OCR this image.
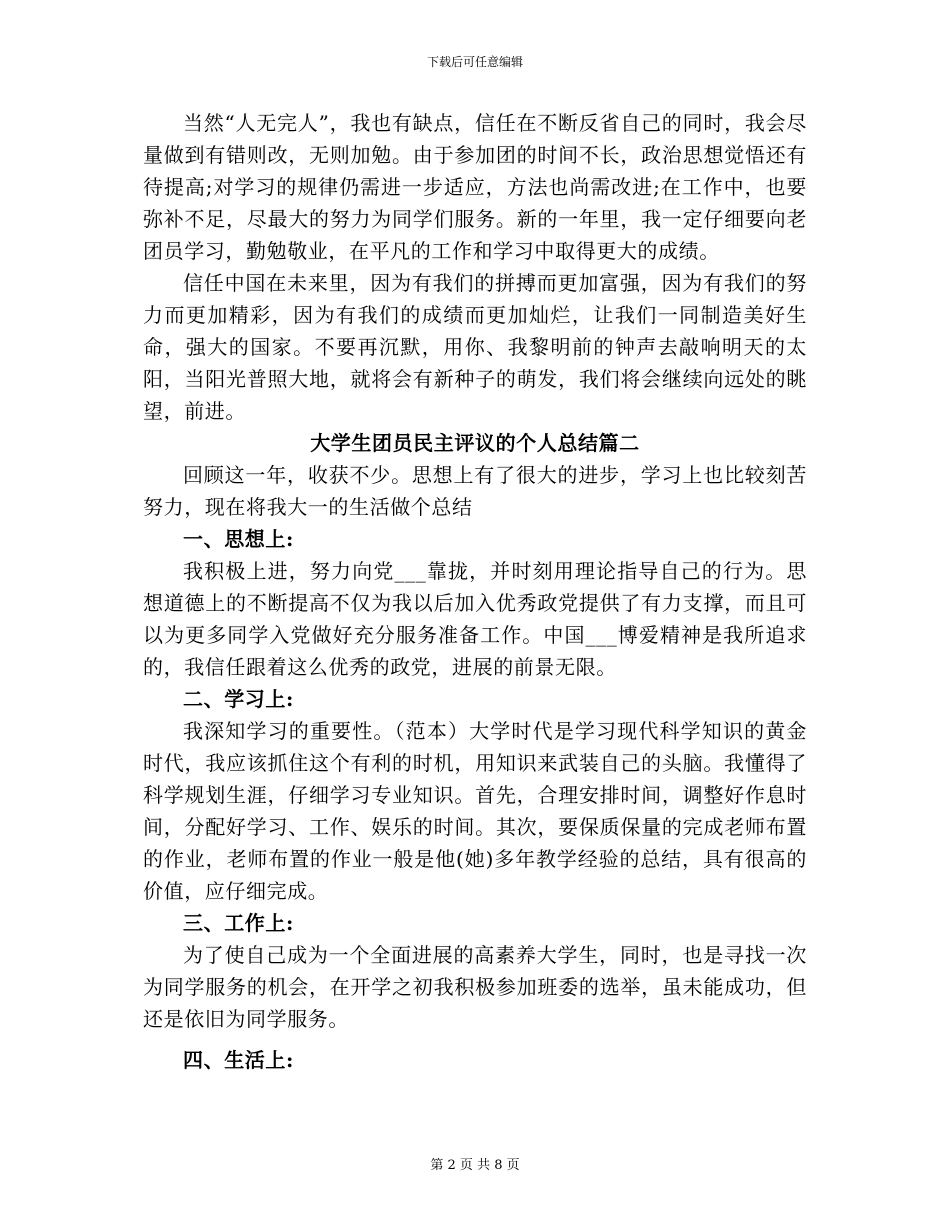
下载后可任意编辑

当然“人无完人”，我也有缺点，信任在不断反省自己的同时，我会尽量做到有错则改，无则加勉。由于参加团的时间不长，政治思想觉悟还有待提高;对学习的规律仍需进一步适应，方法也尚需改进;在工作中，也要弥补不足，尽最大的努力为同学们服务。新的一年里，我一定仔细要向老团员学习，勤勉敬业，在平凡的工作和学习中取得更大的成绩。

信任中国在未来里，因为有我们的拼搏而更加富强，因为有我们的努力而更加精彩，因为有我们的成绩而更加灿烂，让我们一同制造美好生命，强大的国家。不要再沉默，用你、我黎明前的钟声去敲响明天的太阳，当阳光普照大地，就将会有新种子的萌发，我们将会继续向远处的眺望，前进。

大学生团员民主评议的个人总结篇二

回顾这一年，收获不少。思想上有了很大的进步，学习上也比较刻苦努力，现在将我大一的生活做个总结

一、思想上:

我积极上进，努力向党___靠拢，并时刻用理论指导自己的行为。思想道德上的不断提高不仅为我以后加入优秀政党提供了有力支撑，而且可以为更多同学入党做好充分服务准备工作。中国___博爱精神是我所追求的，我信任跟着这么优秀的政党，进展的前景无限。

二、学习上:

我深知学习的重要性。（范本）大学时代是学习现代科学知识的黄金时代，我应该抓住这个有利的时机，用知识来武装自己的头脑。我懂得了科学规划生涯，仔细学习专业知识。首先，合理安排时间，调整好作息时间，分配好学习、工作、娱乐的时间。其次，要保质保量的完成老师布置的作业，老师布置的作业一般是他(她)多年教学经验的总结，具有很高的价值，应仔细完成。

三、工作上:

为了使自己成为一个全面进展的高素养大学生，同时，也是寻找一次为同学服务的机会，在开学之初我积极参加班委的选举，虽未能成功，但还是依旧为同学服务。

四、生活上:

第 2 页 共 8 页
